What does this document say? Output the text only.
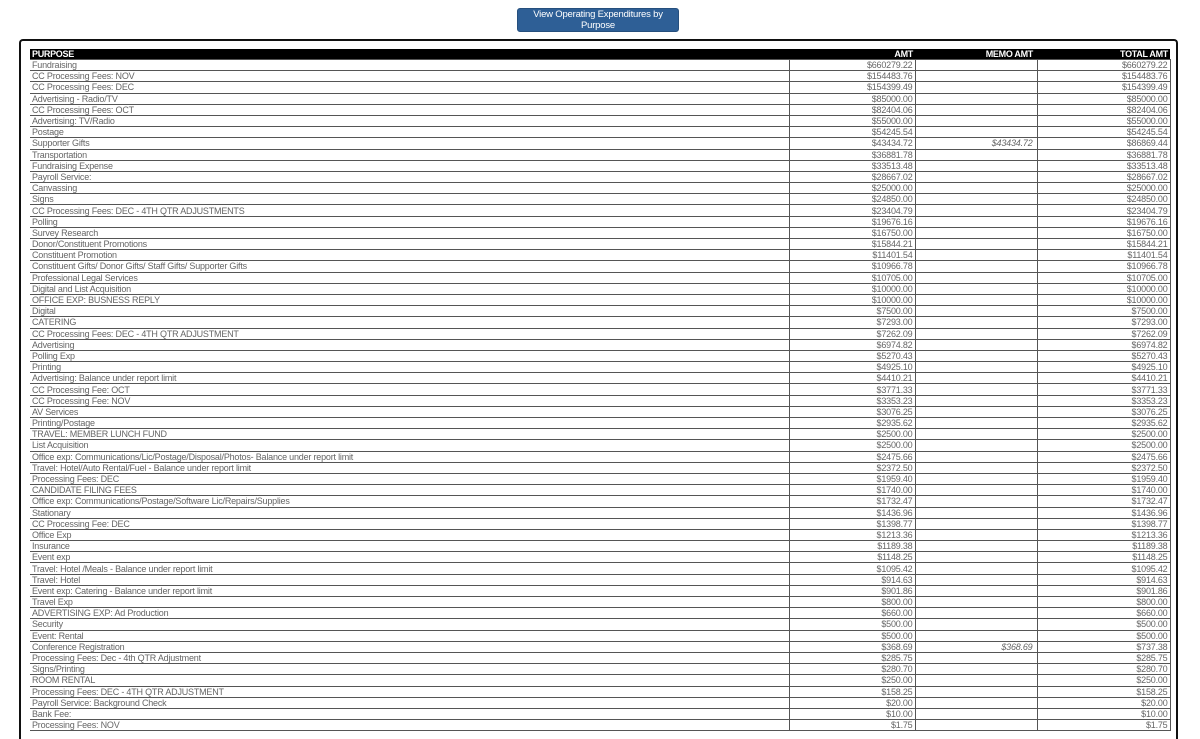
View Operating Expenditures by Purpose
PURPOSE	AMT	MEMO AMT	TOTAL AMT
Fundraising	$660279.22		$660279.22
CC Processing Fees: NOV	$154483.76		$154483.76
CC Processing Fees: DEC	$154399.49		$154399.49
Advertising - Radio/TV	$85000.00		$85000.00
CC Processing Fees: OCT	$82404.06		$82404.06
Advertising: TV/Radio	$55000.00		$55000.00
Postage	$54245.54		$54245.54
Supporter Gifts	$43434.72	$43434.72	$86869.44
Transportation	$36881.78		$36881.78
Fundraising Expense	$33513.48		$33513.48
Payroll Service:	$28667.02		$28667.02
Canvassing	$25000.00		$25000.00
Signs	$24850.00		$24850.00
CC Processing Fees: DEC - 4TH QTR ADJUSTMENTS	$23404.79		$23404.79
Polling	$19676.16		$19676.16
Survey Research	$16750.00		$16750.00
Donor/Constituent Promotions	$15844.21		$15844.21
Constituent Promotion	$11401.54		$11401.54
Constituent Gifts/ Donor Gifts/ Staff Gifts/ Supporter Gifts	$10966.78		$10966.78
Professional Legal Services	$10705.00		$10705.00
Digital and List Acquisition	$10000.00		$10000.00
OFFICE EXP: BUSNESS REPLY	$10000.00		$10000.00
Digital	$7500.00		$7500.00
CATERING	$7293.00		$7293.00
CC Processing Fees: DEC - 4TH QTR ADJUSTMENT	$7262.09		$7262.09
Advertising	$6974.82		$6974.82
Polling Exp	$5270.43		$5270.43
Printing	$4925.10		$4925.10
Advertising: Balance under report limit	$4410.21		$4410.21
CC Processing Fee: OCT	$3771.33		$3771.33
CC Processing Fee: NOV	$3353.23		$3353.23
AV Services	$3076.25		$3076.25
Printing/Postage	$2935.62		$2935.62
TRAVEL: MEMBER LUNCH FUND	$2500.00		$2500.00
List Acquisition	$2500.00		$2500.00
Office exp: Communications/Lic/Postage/Disposal/Photos- Balance under report limit	$2475.66		$2475.66
Travel: Hotel/Auto Rental/Fuel - Balance under report limit	$2372.50		$2372.50
Processing Fees: DEC	$1959.40		$1959.40
CANDIDATE FILING FEES	$1740.00		$1740.00
Office exp: Communications/Postage/Software Lic/Repairs/Supplies	$1732.47		$1732.47
Stationary	$1436.96		$1436.96
CC Processing Fee: DEC	$1398.77		$1398.77
Office Exp	$1213.36		$1213.36
Insurance	$1189.38		$1189.38
Event exp	$1148.25		$1148.25
Travel: Hotel /Meals - Balance under report limit	$1095.42		$1095.42
Travel: Hotel	$914.63		$914.63
Event exp: Catering - Balance under report limit	$901.86		$901.86
Travel Exp	$800.00		$800.00
ADVERTISING EXP: Ad Production	$660.00		$660.00
Security	$500.00		$500.00
Event: Rental	$500.00		$500.00
Conference Registration	$368.69	$368.69	$737.38
Processing Fees: Dec - 4th QTR Adjustment	$285.75		$285.75
Signs/Printing	$280.70		$280.70
ROOM RENTAL	$250.00		$250.00
Processing Fees: DEC - 4TH QTR ADJUSTMENT	$158.25		$158.25
Payroll Service: Background Check	$20.00		$20.00
Bank Fee:	$10.00		$10.00
Processing Fees: NOV	$1.75		$1.75
